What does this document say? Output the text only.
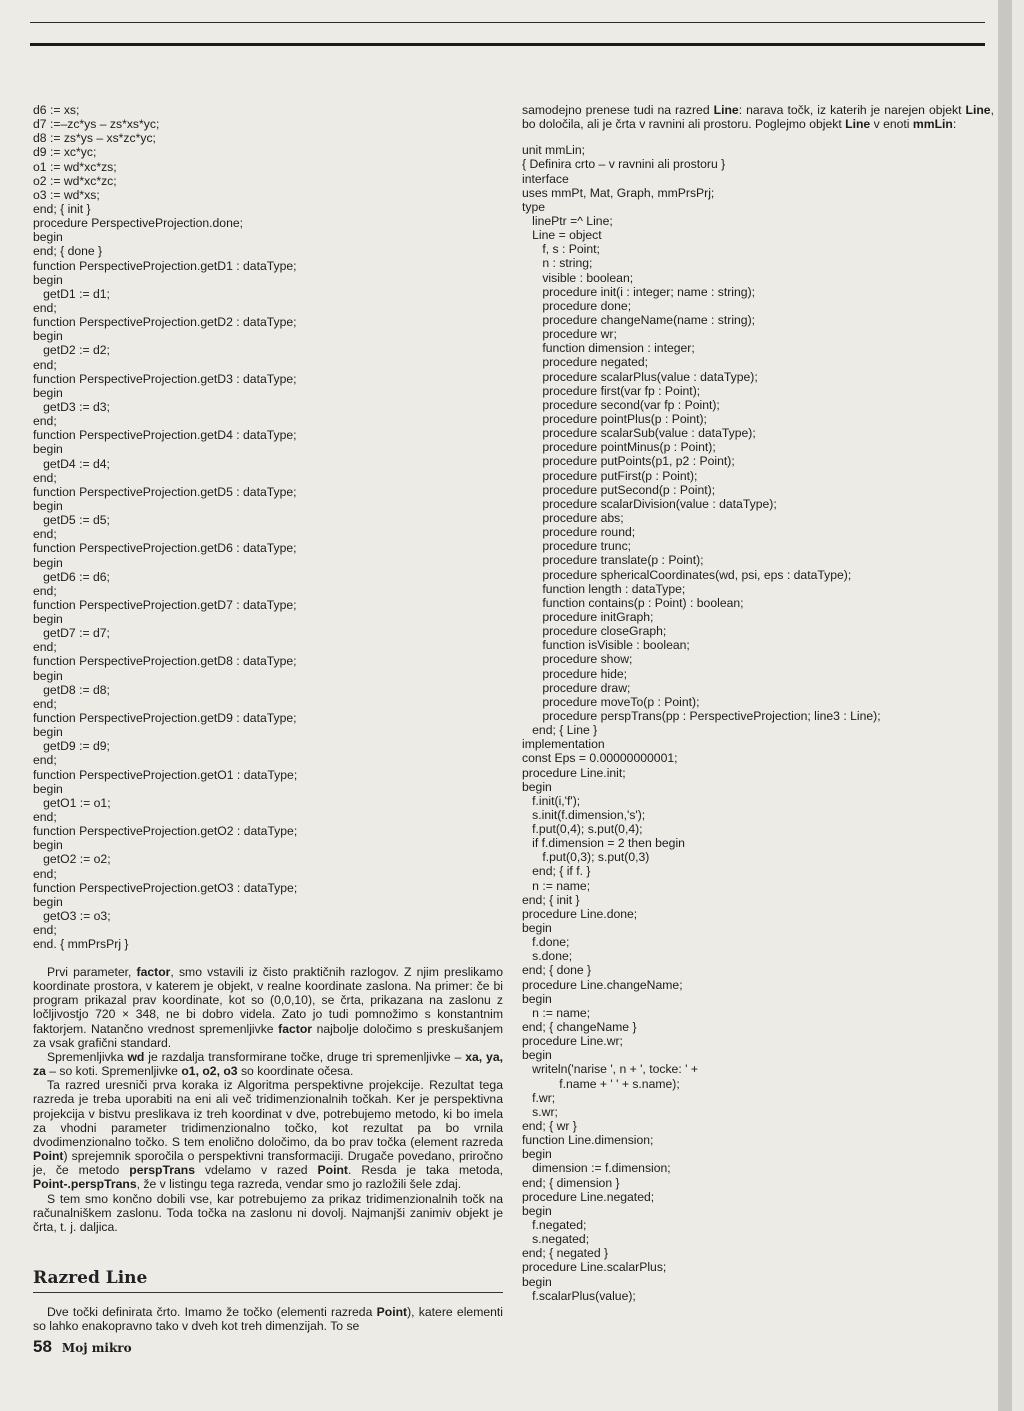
d6 := xs;
d7 :=–zc*ys – zs*xs*yc;
d8 := zs*ys – xs*zc*yc;
d9 := xc*yc;
o1 := wd*xc*zs;
o2 := wd*xc*zc;
o3 := wd*xs;
end; { init }
procedure PerspectiveProjection.done;
begin
end; { done }
function PerspectiveProjection.getD1 : dataType;
begin
getD1 := d1;
end;
function PerspectiveProjection.getD2 : dataType;
begin
getD2 := d2;
end;
function PerspectiveProjection.getD3 : dataType;
begin
getD3 := d3;
end;
function PerspectiveProjection.getD4 : dataType;
begin
getD4 := d4;
end;
function PerspectiveProjection.getD5 : dataType;
begin
getD5 := d5;
end;
function PerspectiveProjection.getD6 : dataType;
begin
getD6 := d6;
end;
function PerspectiveProjection.getD7 : dataType;
begin
getD7 := d7;
end;
function PerspectiveProjection.getD8 : dataType;
begin
getD8 := d8;
end;
function PerspectiveProjection.getD9 : dataType;
begin
getD9 := d9;
end;
function PerspectiveProjection.getO1 : dataType;
begin
getO1 := o1;
end;
function PerspectiveProjection.getO2 : dataType;
begin
getO2 := o2;
end;
function PerspectiveProjection.getO3 : dataType;
begin
getO3 := o3;
end;
end. { mmPrsPrj }

Prvi parameter, factor, smo vstavili iz čisto praktičnih razlogov. Z njim preslikamo koordinate prostora, v katerem je objekt, v realne koordinate zaslona. Na primer: če bi program prikazal prav koordinate, kot so (0,0,10), se črta, prikazana na zaslonu z ločljivostjo 720 × 348, ne bi dobro videla. Zato jo tudi pomnožimo s konstantnim faktorjem. Natančno vrednost spremenljivke factor najbolje določimo s preskušanjem za vsak grafični standard.

Spremenljivka wd je razdalja transformirane točke, druge tri spremenljivke – xa, ya, za – so koti. Spremenljivke o1, o2, o3 so koordinate očesa.

Ta razred uresniči prva koraka iz Algoritma perspektivne projekcije. Rezultat tega razreda je treba uporabiti na eni ali več tridimenzionalnih točkah. Ker je perspektivna projekcija v bistvu preslikava iz treh koordinat v dve, potrebujemo metodo, ki bo imela za vhodni parameter tridimenzionalno točko, kot rezultat pa bo vrnila dvodimenzionalno točko. S tem enolično določimo, da bo prav točka (element razreda Point) sprejemnik sporočila o perspektivni transformaciji. Drugače povedano, priročno je, če metodo perspTrans vdelamo v razed Point. Resda je taka metoda, Point-.perspTrans, že v listingu tega razreda, vendar smo jo razložili šele zdaj.

S tem smo končno dobili vse, kar potrebujemo za prikaz tridimenzionalnih točk na računalniškem zaslonu. Toda točka na zaslonu ni dovolj. Najmanjši zanimiv objekt je črta, t. j. daljica.

Razred Line

Dve točki definirata črto. Imamo že točko (elementi razreda Point), katere elementi so lahko enakopravno tako v dveh kot treh dimenzijah. To se

58 Moj mikro

samodejno prenese tudi na razred Line: narava točk, iz katerih je narejen objekt Line, bo določila, ali je črta v ravnini ali prostoru. Poglejmo objekt Line v enoti mmLin:

unit mmLin;
{ Definira crto – v ravnini ali prostoru }
interface
uses mmPt, Mat, Graph, mmPrsPrj;
type
linePtr =^ Line;
Line = object
f, s : Point;
n : string;
visible : boolean;
procedure init(i : integer; name : string);
procedure done;
procedure changeName(name : string);
procedure wr;
function dimension : integer;
procedure negated;
procedure scalarPlus(value : dataType);
procedure first(var fp : Point);
procedure second(var fp : Point);
procedure pointPlus(p : Point);
procedure scalarSub(value : dataType);
procedure pointMinus(p : Point);
procedure putPoints(p1, p2 : Point);
procedure putFirst(p : Point);
procedure putSecond(p : Point);
procedure scalarDivision(value : dataType);
procedure abs;
procedure round;
procedure trunc;
procedure translate(p : Point);
procedure sphericalCoordinates(wd, psi, eps : dataType);
function length : dataType;
function contains(p : Point) : boolean;
procedure initGraph;
procedure closeGraph;
function isVisible : boolean;
procedure show;
procedure hide;
procedure draw;
procedure moveTo(p : Point);
procedure perspTrans(pp : PerspectiveProjection; line3 : Line);
end; { Line }
implementation
const Eps = 0.00000000001;
procedure Line.init;
begin
f.init(i,'f');
s.init(f.dimension,'s');
f.put(0,4); s.put(0,4);
if f.dimension = 2 then begin
f.put(0,3); s.put(0,3)
end; { if f. }
n := name;
end; { init }
procedure Line.done;
begin
f.done;
s.done;
end; { done }
procedure Line.changeName;
begin
n := name;
end; { changeName }
procedure Line.wr;
begin
writeln('narise ', n + ', tocke: ' +
f.name + ' ' + s.name);
f.wr;
s.wr;
end; { wr }
function Line.dimension;
begin
dimension := f.dimension;
end; { dimension }
procedure Line.negated;
begin
f.negated;
s.negated;
end; { negated }
procedure Line.scalarPlus;
begin
f.scalarPlus(value);
